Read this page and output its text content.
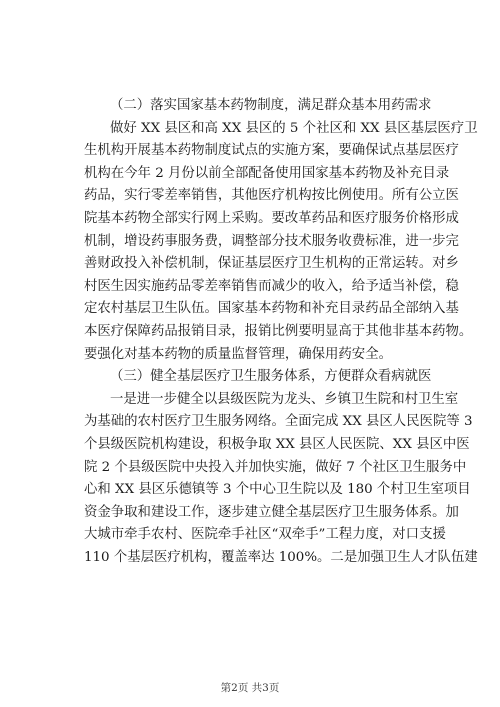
（二）落实国家基本药物制度，满足群众基本用药需求
做好 XX 县区和高 XX 县区的 5 个社区和 XX 县区基层医疗卫
生机构开展基本药物制度试点的实施方案，要确保试点基层医疗
机构在今年 2 月份以前全部配备使用国家基本药物及补充目录
药品，实行零差率销售，其他医疗机构按比例使用。所有公立医
院基本药物全部实行网上采购。要改革药品和医疗服务价格形成
机制，增设药事服务费，调整部分技术服务收费标准，进一步完
善财政投入补偿机制，保证基层医疗卫生机构的正常运转。对乡
村医生因实施药品零差率销售而减少的收入，给予适当补偿，稳
定农村基层卫生队伍。国家基本药物和补充目录药品全部纳入基
本医疗保障药品报销目录，报销比例要明显高于其他非基本药物。
要强化对基本药物的质量监督管理，确保用药安全。
（三）健全基层医疗卫生服务体系，方便群众看病就医
一是进一步健全以县级医院为龙头、乡镇卫生院和村卫生室
为基础的农村医疗卫生服务网络。全面完成 XX 县区人民医院等 3
个县级医院机构建设，积极争取 XX 县区人民医院、XX 县区中医
院 2 个县级医院中央投入并加快实施，做好 7 个社区卫生服务中
心和 XX 县区乐德镇等 3 个中心卫生院以及 180 个村卫生室项目
资金争取和建设工作，逐步建立健全基层医疗卫生服务体系。加
大城市牵手农村、医院牵手社区“双牵手”工程力度，对口支援
110 个基层医疗机构，覆盖率达 100%。二是加强卫生人才队伍建
第2页 共3页
